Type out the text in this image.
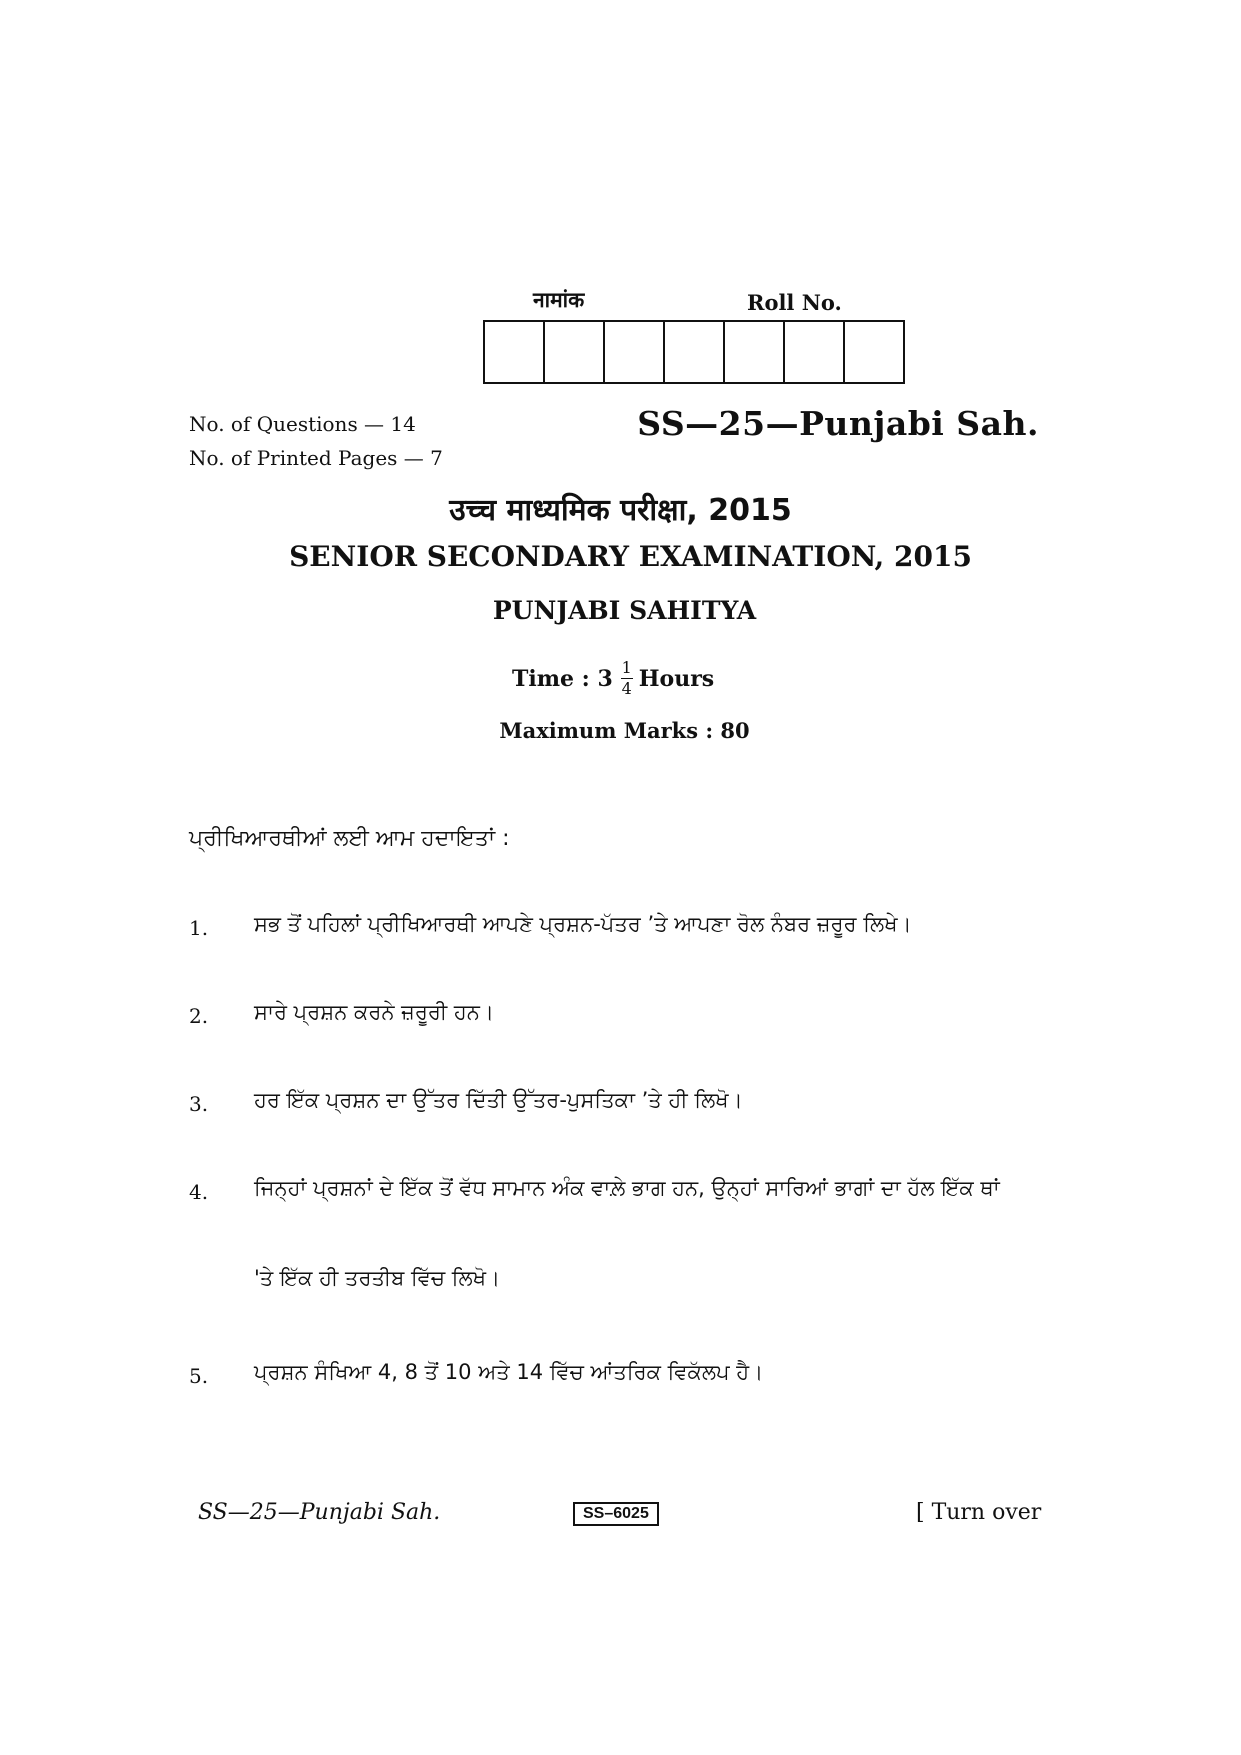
नामांक	Roll No.
No. of Questions — 14
No. of Printed Pages — 7
SS—25—Punjabi Sah.
उच्च माध्यमिक परीक्षा, 2015
SENIOR SECONDARY EXAMINATION, 2015
PUNJABI SAHITYA
Time : $3 \frac{1}{4}$ Hours
Maximum Marks : 80
ਪ੍ਰੀਖਿਆਰਥੀਆਂ ਲਈ ਆਮ ਹਦਾਇਤਾਂ :
1. ਸਭ ਤੋਂ ਪਹਿਲਾਂ ਪ੍ਰੀਖਿਆਰਥੀ ਆਪਣੇ ਪ੍ਰਸ਼ਨ-ਪੱਤਰ ’ਤੇ ਆਪਣਾ ਰੋਲ ਨੰਬਰ ਜ਼ਰੂਰ ਲਿਖੇ।
2. ਸਾਰੇ ਪ੍ਰਸ਼ਨ ਕਰਨੇ ਜ਼ਰੂਰੀ ਹਨ।
3. ਹਰ ਇੱਕ ਪ੍ਰਸ਼ਨ ਦਾ ਉੱਤਰ ਦਿੱਤੀ ਉੱਤਰ-ਪੁਸਤਿਕਾ ’ਤੇ ਹੀ ਲਿਖੋ।
4. ਜਿਨ੍ਹਾਂ ਪ੍ਰਸ਼ਨਾਂ ਦੇ ਇੱਕ ਤੋਂ ਵੱਧ ਸਾਮਾਨ ਅੰਕ ਵਾਲ਼ੇ ਭਾਗ ਹਨ, ਉਨ੍ਹਾਂ ਸਾਰਿਆਂ ਭਾਗਾਂ ਦਾ ਹੱਲ ਇੱਕ ਥਾਂ
'ਤੇ ਇੱਕ ਹੀ ਤਰਤੀਬ ਵਿੱਚ ਲਿਖੋ।
5. ਪ੍ਰਸ਼ਨ ਸੰਖਿਆ 4, 8 ਤੋਂ 10 ਅਤੇ 14 ਵਿੱਚ ਆਂਤਰਿਕ ਵਿਕੱਲਪ ਹੈ।
SS—25—Punjabi Sah.	SS–6025	[ Turn over
